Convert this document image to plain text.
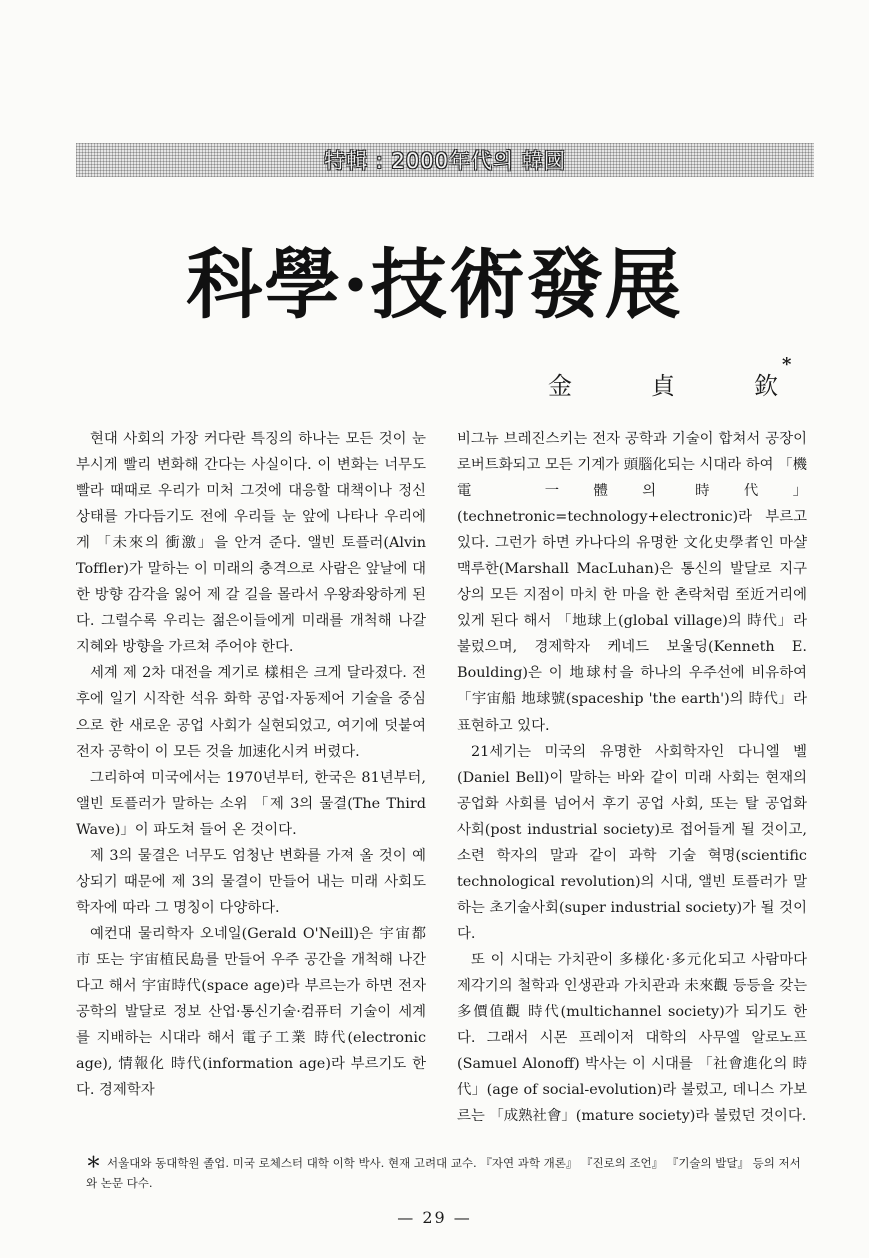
特輯 : 2000年代의 韓國
科學·技術發展
金	貞	欽
*

현대 사회의 가장 커다란 특징의 하나는 모든 것이 눈부시게 빨리 변화해 간다는 사실이다. 이 변화는 너무도 빨라 때때로 우리가 미처 그것에 대응할 대책이나 정신 상태를 가다듬기도 전에 우리들 눈 앞에 나타나 우리에게 「未來의 衝激」을 안겨 준다. 앨빈 토플러(Alvin Toffler)가 말하는 이 미래의 충격으로 사람은 앞날에 대한 방향 감각을 잃어 제 갈 길을 몰라서 우왕좌왕하게 된다. 그럴수록 우리는 젊은이들에게 미래를 개척해 나갈 지혜와 방향을 가르쳐 주어야 한다.

세계 제 2차 대전을 계기로 樣相은 크게 달라졌다. 전후에 일기 시작한 석유 화학 공업·자동제어 기술을 중심으로 한 새로운 공업 사회가 실현되었고, 여기에 덧붙여 전자 공학이 이 모든 것을 加速化시켜 버렸다.

그리하여 미국에서는 1970년부터, 한국은 81년부터, 앨빈 토플러가 말하는 소위 「제 3의 물결(The Third Wave)」이 파도쳐 들어 온 것이다.

제 3의 물결은 너무도 엄청난 변화를 가져 올 것이 예상되기 때문에 제 3의 물결이 만들어 내는 미래 사회도 학자에 따라 그 명칭이 다양하다.

예컨대 물리학자 오네일(Gerald O'Neill)은 宇宙都市 또는 宇宙植民島를 만들어 우주 공간을 개척해 나간다고 해서 宇宙時代(space age)라 부르는가 하면 전자 공학의 발달로 정보 산업·통신기술·컴퓨터 기술이 세계를 지배하는 시대라 해서 電子工業 時代(electronic age), 情報化 時代(information age)라 부르기도 한다. 경제학자

비그뉴 브레진스키는 전자 공학과 기술이 합쳐서 공장이 로버트화되고 모든 기계가 頭腦化되는 시대라 하여 「機電 一體의 時代」(technetronic=technology+electronic)라 부르고 있다. 그런가 하면 카나다의 유명한 文化史學者인 마샬 맥루한(Marshall MacLuhan)은 통신의 발달로 지구상의 모든 지점이 마치 한 마을 한 촌락처럼 至近거리에 있게 된다 해서 「地球上(global village)의 時代」라 불렀으며, 경제학자 케네드 보울딩(Kenneth E. Boulding)은 이 地球村을 하나의 우주선에 비유하여 「宇宙船 地球號(spaceship 'the earth')의 時代」라 표현하고 있다.

21세기는 미국의 유명한 사회학자인 다니엘 벨(Daniel Bell)이 말하는 바와 같이 미래 사회는 현재의 공업화 사회를 넘어서 후기 공업 사회, 또는 탈 공업화 사회(post industrial society)로 접어들게 될 것이고, 소련 학자의 말과 같이 과학 기술 혁명(scientific technological revolution)의 시대, 앨빈 토플러가 말하는 초기술사회(super industrial society)가 될 것이다.

또 이 시대는 가치관이 多様化·多元化되고 사람마다 제각기의 철학과 인생관과 가치관과 未來觀 등등을 갖는 多價值觀 時代(multichannel society)가 되기도 한다. 그래서 시몬 프레이저 대학의 사무엘 알로노프(Samuel Alonoff) 박사는 이 시대를 「社會進化의 時代」(age of social-evolution)라 불렀고, 데니스 가보르는 「成熟社會」(mature society)라 불렀던 것이다.

＊ 서울대와 동대학원 졸업. 미국 로체스터 대학 이학 박사. 현재 고려대 교수. 『자연 과학 개론』 『진로의 조언』 『기술의 발달』 등의 저서와 논문 다수.
— 29 —
